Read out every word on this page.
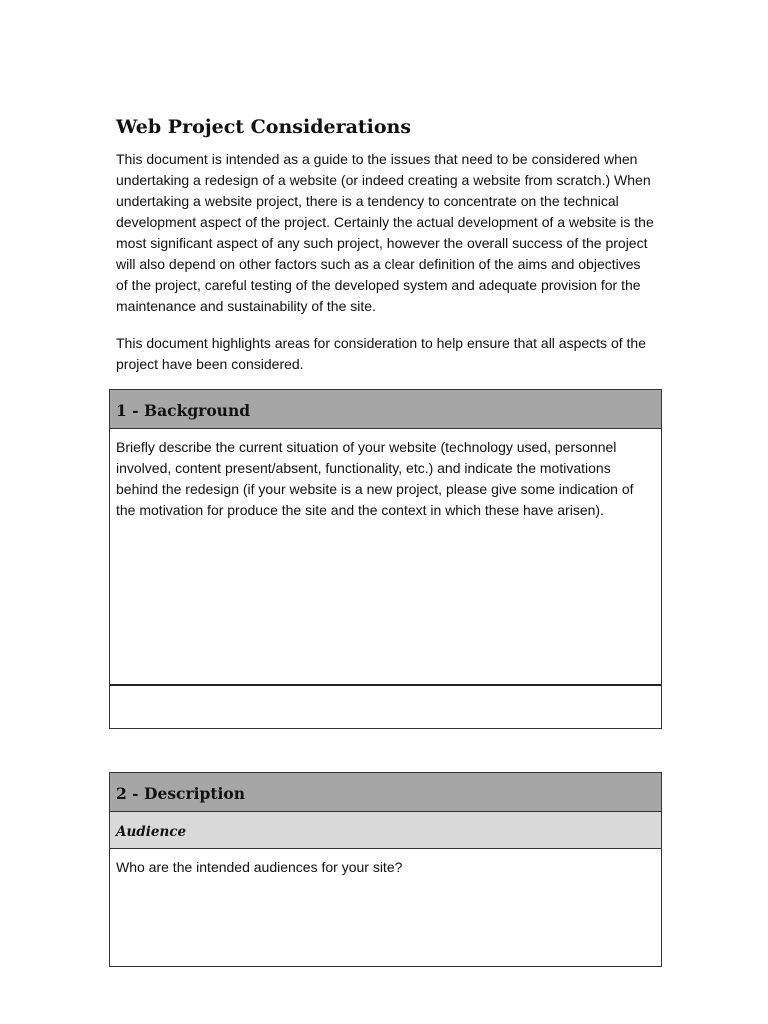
Web Project Considerations

This document is intended as a guide to the issues that need to be considered when undertaking a redesign of a website (or indeed creating a website from scratch.) When undertaking a website project, there is a tendency to concentrate on the technical development aspect of the project. Certainly the actual development of a website is the most significant aspect of any such project, however the overall success of the project will also depend on other factors such as a clear definition of the aims and objectives of the project, careful testing of the developed system and adequate provision for the maintenance and sustainability of the site.

This document highlights areas for consideration to help ensure that all aspects of the project have been considered.

1 - Background
Briefly describe the current situation of your website (technology used, personnel involved, content present/absent, functionality, etc.) and indicate the motivations behind the redesign (if your website is a new project, please give some indication of the motivation for produce the site and the context in which these have arisen).
2 - Description
Audience
Who are the intended audiences for your site?
